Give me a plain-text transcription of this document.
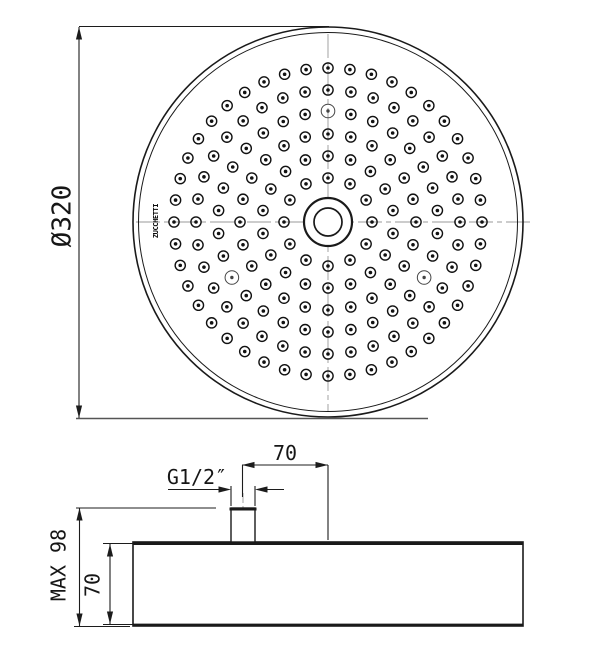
Ø320
70
G1/2″
MAX 98 70
ZUCCHETTI
